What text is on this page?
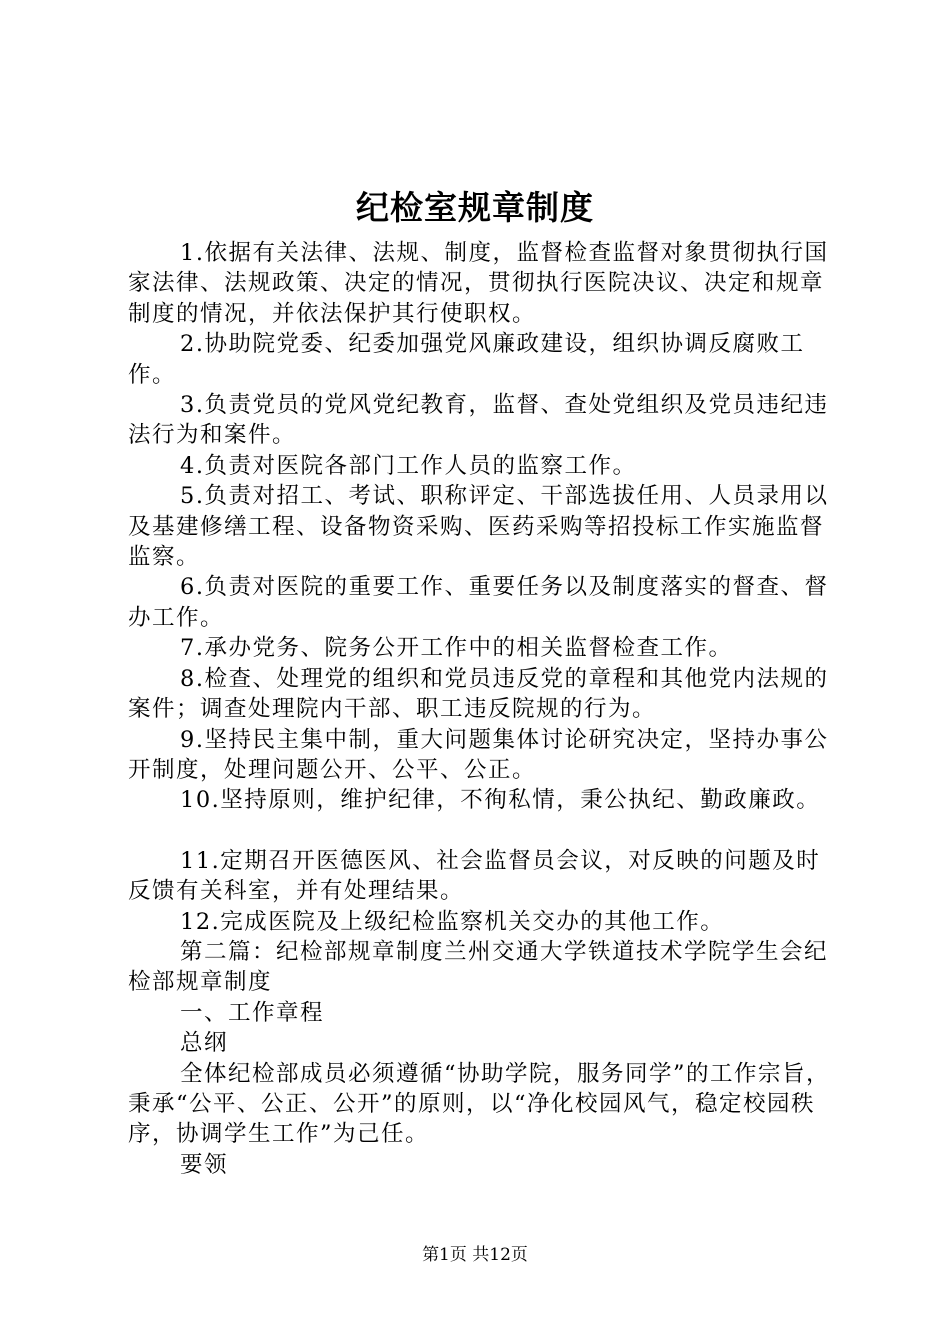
纪检室规章制度

1.依据有关法律、法规、制度，监督检查监督对象贯彻执行国家法律、法规政策、决定的情况，贯彻执行医院决议、决定和规章制度的情况，并依法保护其行使职权。

2.协助院党委、纪委加强党风廉政建设，组织协调反腐败工作。

3.负责党员的党风党纪教育，监督、查处党组织及党员违纪违法行为和案件。

4.负责对医院各部门工作人员的监察工作。

5.负责对招工、考试、职称评定、干部选拔任用、人员录用以及基建修缮工程、设备物资采购、医药采购等招投标工作实施监督监察。

6.负责对医院的重要工作、重要任务以及制度落实的督查、督办工作。

7.承办党务、院务公开工作中的相关监督检查工作。

8.检查、处理党的组织和党员违反党的章程和其他党内法规的案件；调查处理院内干部、职工违反院规的行为。

9.坚持民主集中制，重大问题集体讨论研究决定，坚持办事公开制度，处理问题公开、公平、公正。

10.坚持原则，维护纪律，不徇私情，秉公执纪、勤政廉政。

11.定期召开医德医风、社会监督员会议，对反映的问题及时反馈有关科室，并有处理结果。

12.完成医院及上级纪检监察机关交办的其他工作。

第二篇：纪检部规章制度兰州交通大学铁道技术学院学生会纪检部规章制度

一、工作章程

总纲

全体纪检部成员必须遵循“协助学院，服务同学”的工作宗旨，秉承“公平、公正、公开”的原则，以“净化校园风气，稳定校园秩序，协调学生工作”为己任。

要领

第1页 共12页
